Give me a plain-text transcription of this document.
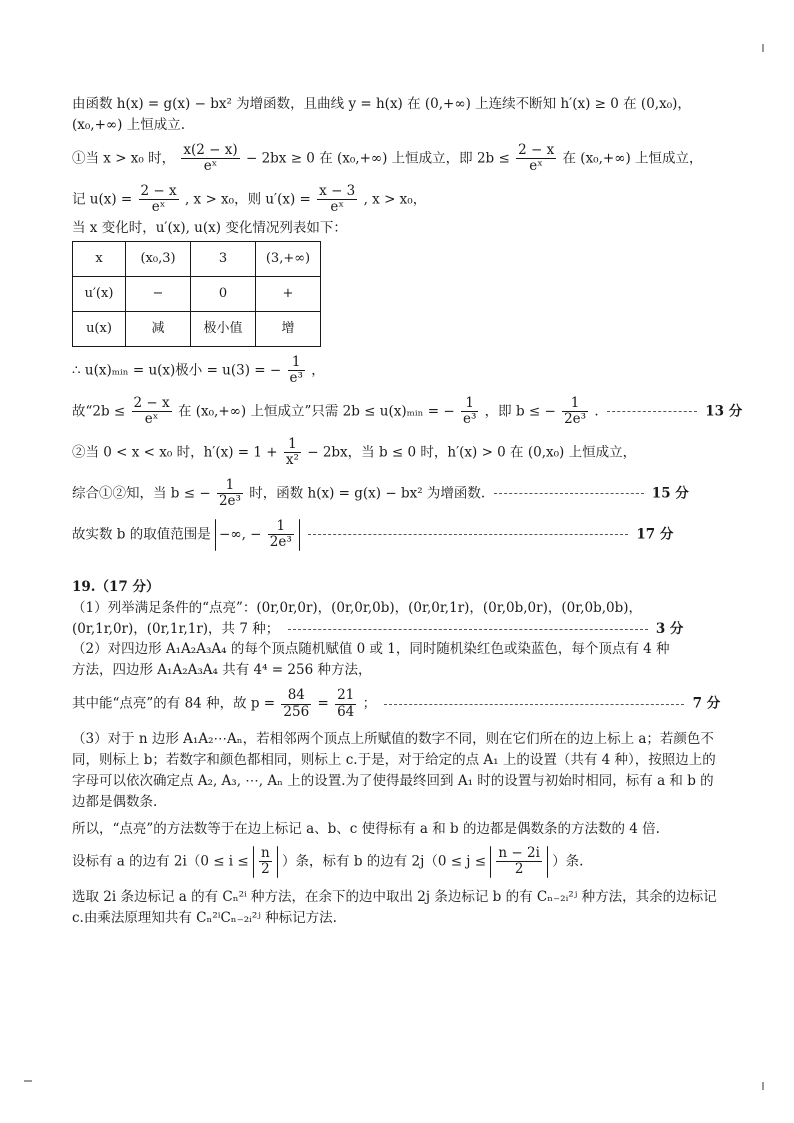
由函数 h(x) = g(x) − bx² 为增函数，且曲线 y = h(x) 在 (0,+∞) 上连续不断知 h′(x) ≥ 0 在 (0,x₀)，
(x₀,+∞) 上恒成立.
①当 x > x₀ 时， $\frac{x(2 - x)}{\text{eˣ}} - 2bx \ge 0$ 在 (x₀,+∞) 上恒成立，即 $2b \le \frac{2 - x}{\text{eˣ}}$ 在 (x₀,+∞) 上恒成立，
记 $u(x) = \frac{2 - x}{\text{eˣ}}$ , x > x₀，则 $u'(x) = \frac{x - 3}{\text{eˣ}}$ , x > x₀，
当 x 变化时，u′(x), u(x) 变化情况列表如下：
x	(x₀,3)	3	(3,+∞)
u′(x)	−	0	+
u(x)	减	极小值	增
∴ u(x)ₘᵢₙ = u(x)极小 = u(3) = − $\frac{1}{\text{e³}}$ ，
故“$2b \le \frac{2 - x}{\text{eˣ}}$ 在 (x₀,+∞) 上恒成立”只需 2b ≤ u(x)ₘᵢₙ = − $\frac{1}{\text{e³}}$ ，即 b ≤ − $\frac{1}{\text{2e³}}$ .	13 分
②当 0 < x < x₀ 时，$h'(x) = 1 + \frac{1}{\text{x²}} - 2bx$，当 b ≤ 0 时，h′(x) > 0 在 (0,x₀) 上恒成立，
综合①②知，当 b ≤ − $\frac{1}{\text{2e³}}$ 时，函数 h(x) = g(x) − bx² 为增函数.	15 分
故实数 b 的取值范围是 −∞, − $\frac{1}{\text{2e³}}$	17 分
19.（17 分）
（1）列举满足条件的“点亮”：(0r,0r,0r)，(0r,0r,0b)，(0r,0r,1r)，(0r,0b,0r)，(0r,0b,0b)，
(0r,1r,0r)，(0r,1r,1r)，共 7 种；	3 分
（2）对四边形 A₁A₂A₃A₄ 的每个顶点随机赋值 0 或 1，同时随机染红色或染蓝色，每个顶点有 4 种
方法，四边形 A₁A₂A₃A₄ 共有 4⁴ = 256 种方法，
其中能“点亮”的有 84 种，故 $p = \frac{84}{256} = \frac{21}{64}$ ；	7 分
（3）对于 n 边形 A₁A₂⋯Aₙ，若相邻两个顶点上所赋值的数字不同，则在它们所在的边上标上 a；若颜色不同，则标上 b；若数字和颜色都相同，则标上 c.于是，对于给定的点 A₁ 上的设置（共有 4 种），按照边上的字母可以依次确定点 A₂, A₃, ⋯, Aₙ 上的设置.为了使得最终回到 A₁ 时的设置与初始时相同，标有 a 和 b 的边都是偶数条.
所以，“点亮”的方法数等于在边上标记 a、b、c 使得标有 a 和 b 的边都是偶数条的方法数的 4 倍.
设标有 a 的边有 $2i(0 \le i \le \frac{n}{2}$ ）条，标有 b 的边有 $2j(0 \le j \le \frac{n - 2i}{2}$ ）条.
选取 2i 条边标记 a 的有 Cₙ²ⁱ 种方法，在余下的边中取出 2j 条边标记 b 的有 Cₙ₋₂ᵢ²ʲ 种方法，其余的边标记 c.由乘法原理知共有 Cₙ²ⁱCₙ₋₂ᵢ²ʲ 种标记方法.
